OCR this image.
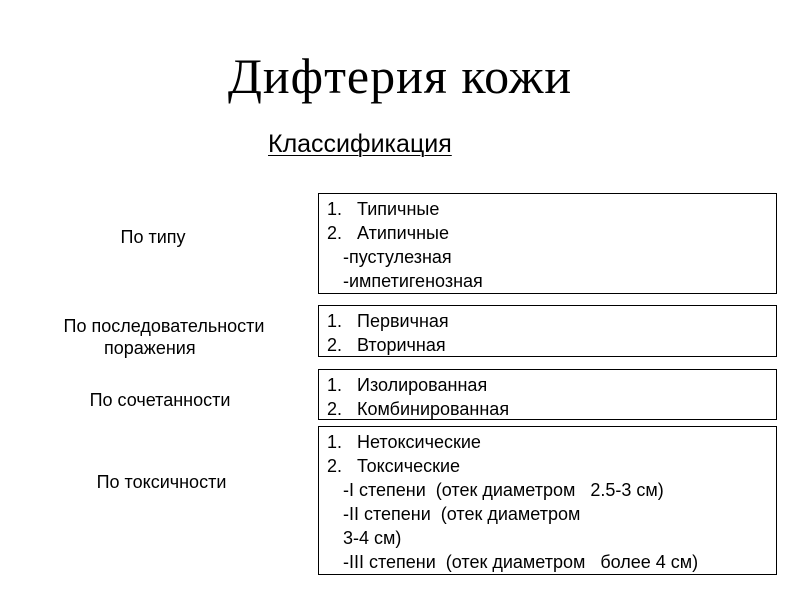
Дифтерия кожи
Классификация
По типу
1. Типичные
2. Атипичные
-пустулезная
-импетигенозная
По последовательности
поражения
1. Первичная
2. Вторичная
По сочетанности
1. Изолированная
2. Комбинированная
По токсичности
1. Нетоксические
2. Токсические
-I степени  (отек диаметром   2.5-3 см)
-II степени  (отек диаметром
3-4 см)
-III степени  (отек диаметром   более 4 см)
